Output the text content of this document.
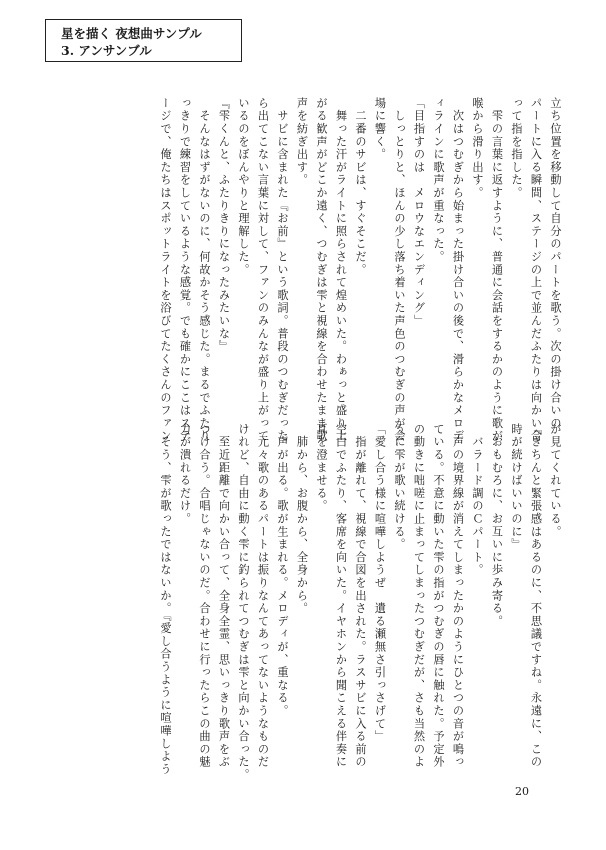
星を描く 夜想曲サンプル
3. アンサンブル
立ち位置を移動して自分のパートを歌う。次の掛け合いの
パートに入る瞬間、ステージの上で並んだふたりは向かい合
って指を指した。
　雫の言葉に返すように、普通に会話をするかのように歌が
喉から滑り出す。
　次はつむぎから始まった掛け合いの後で、滑らかなメロデ
ィラインに歌声が重なった。
「目指すのは　メロウなエンディング」
　しっとりと、ほんの少し落ち着いた声色のつむぎの声が会
場に響く。
　二番のサビは、すぐそこだ。
　舞った汗がライトに照らされて煌めいた。わぁっと盛り上
がる歓声がどこか遠く、つむぎは雫と視線を合わせたまま歌
声を紡ぎ出す。
　サビに含まれた『お前』という歌詞。普段のつむぎだった
ら出てこない言葉に対して、ファンのみんなが盛り上がって
いるのをぼんやりと理解した。
『雫くんと、ふたりきりになったみたいな』
　そんなはずがないのに、何故かそう感じた。まるでふたり
っきりで練習をしているような感覚。でも確かにここはステ
ージで、俺たちはスポットライトを浴びてたくさんのファン
が見てくれている。
『きちんと緊張感はあるのに、不思議ですね。永遠に、この
時が続けばいいのに』
　おもむろに、お互いに歩み寄る。
　バラード調のＣパート。
　声の境界線が消えてしまったかのようにひとつの音が鳴っ
ている。不意に動いた雫の指がつむぎの唇に触れた。予定外
の動きに咄嗟に止まってしまったつむぎだが、さも当然のよ
うに雫が歌い続ける。
「愛し合う様に喧嘩しようぜ　遺る瀬無さ引っさげて」
　指が離れて、視線で合図を出された。ラスサビに入る前の
空白でふたり、客席を向いた。イヤホンから聞こえる伴奏に
耳を澄ませる。
　肺から、お腹から、全身から。
　声が出る。歌が生まれる。メロディが、重なる。
　元々歌のあるパートは振りなんてあってないようなものだ
けれど、自由に動く雫に釣られてつむぎは雫と向かい合った。
　至近距離で向かい合って、全身全霊、思いっきり歌声をぶ
つけ合う。合唱じゃないのだ。合わせに行ったらこの曲の魅
力が潰れるだけ。
　そう、雫が歌ったではないか。『愛し合うように喧嘩しよう
20
